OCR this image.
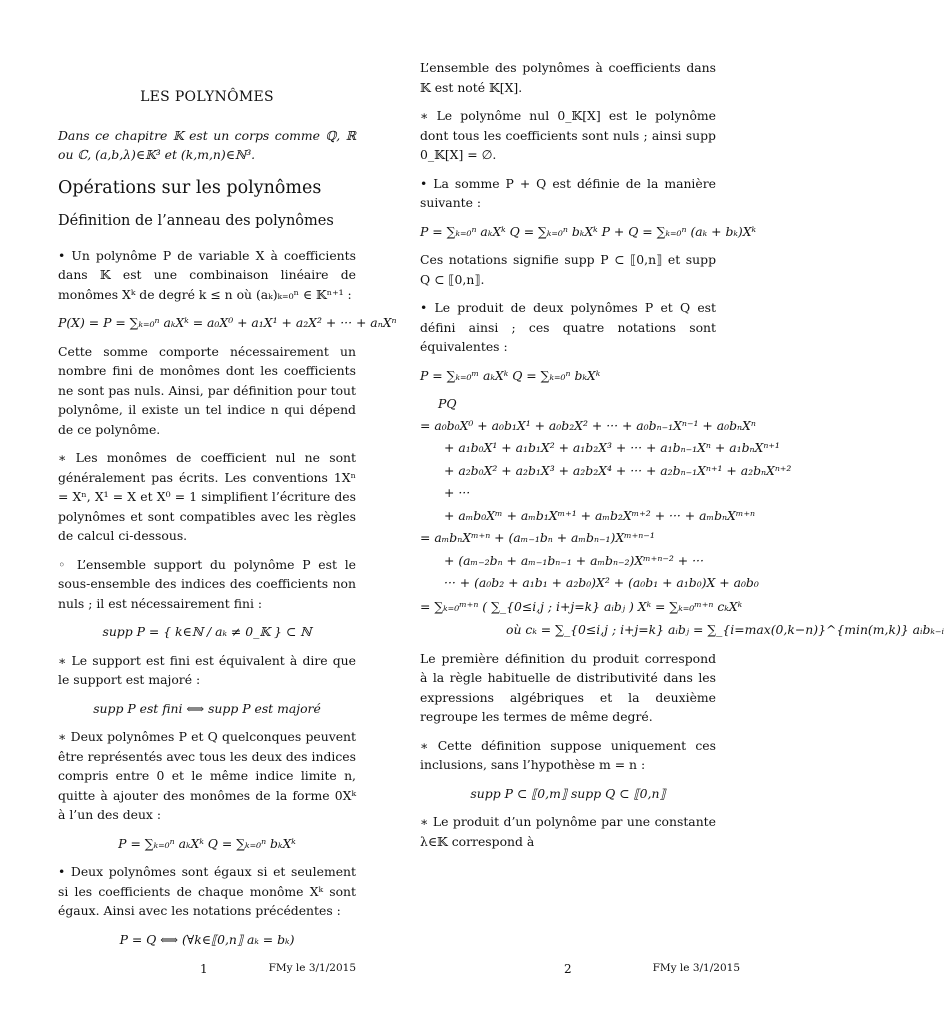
LES POLYNÔMES

Dans ce chapitre 𝕂 est un corps comme ℚ, ℝ ou ℂ, (a,b,λ)∈𝕂³ et (k,m,n)∈ℕ³.

Opérations sur les polynômes
Définition de l’anneau des polynômes

• Un polynôme P de variable X à coefficients dans 𝕂 est une combinaison linéaire de monômes Xᵏ de degré k ≤ n où (aₖ)ₖ₌₀ⁿ ∈ 𝕂ⁿ⁺¹ :

P(X) = P = ∑ₖ₌₀ⁿ aₖXᵏ = a₀X⁰ + a₁X¹ + a₂X² + ··· + aₙXⁿ

Cette somme comporte nécessairement un nombre fini de monômes dont les coefficients ne sont pas nuls. Ainsi, par définition pour tout polynôme, il existe un tel indice n qui dépend de ce polynôme.

∗ Les monômes de coefficient nul ne sont généralement pas écrits. Les conventions 1Xⁿ = Xⁿ, X¹ = X et X⁰ = 1 simplifient l’écriture des polynômes et sont compatibles avec les règles de calcul ci-dessous.

◦ L’ensemble support du polynôme P est le sous-ensemble des indices des coefficients non nuls ; il est nécessairement fini :

supp P = { k∈ℕ / aₖ ≠ 0_𝕂 } ⊂ ℕ

∗ Le support est fini est équivalent à dire que le support est majoré :

supp P est fini ⟺ supp P est majoré

∗ Deux polynômes P et Q quelconques peuvent être représentés avec tous les deux des indices compris entre 0 et le même indice limite n, quitte à ajouter des monômes de la forme 0Xᵏ à l’un des deux :

P = ∑ₖ₌₀ⁿ aₖXᵏ Q = ∑ₖ₌₀ⁿ bₖXᵏ

• Deux polynômes sont égaux si et seulement si les coefficients de chaque monôme Xᵏ sont égaux. Ainsi avec les notations précédentes :

P = Q ⟺ (∀k∈⟦0,n⟧ aₖ = bₖ)
1	FMy le 3/1/2015

L’ensemble des polynômes à coefficients dans 𝕂 est noté 𝕂[X].

∗ Le polynôme nul 0_𝕂[X] est le polynôme dont tous les coefficients sont nuls ; ainsi supp 0_𝕂[X] = ∅.

• La somme P + Q est définie de la manière suivante :

P = ∑ₖ₌₀ⁿ aₖXᵏ Q = ∑ₖ₌₀ⁿ bₖXᵏ P + Q = ∑ₖ₌₀ⁿ (aₖ + bₖ)Xᵏ

Ces notations signifie supp P ⊂ ⟦0,n⟧ et supp Q ⊂ ⟦0,n⟧.

• Le produit de deux polynômes P et Q est défini ainsi ; ces quatre notations sont équivalentes :

P = ∑ₖ₌₀ᵐ aₖXᵏ Q = ∑ₖ₌₀ⁿ bₖXᵏ
PQ
= a₀b₀X⁰ + a₀b₁X¹ + a₀b₂X² + ··· + a₀bₙ₋₁Xⁿ⁻¹ + a₀bₙXⁿ
+ a₁b₀X¹ + a₁b₁X² + a₁b₂X³ + ··· + a₁bₙ₋₁Xⁿ + a₁bₙXⁿ⁺¹
+ a₂b₀X² + a₂b₁X³ + a₂b₂X⁴ + ··· + a₂bₙ₋₁Xⁿ⁺¹ + a₂bₙXⁿ⁺²
+ ···
+ aₘb₀Xᵐ + aₘb₁Xᵐ⁺¹ + aₘb₂Xᵐ⁺² + ··· + aₘbₙXᵐ⁺ⁿ
= aₘbₙXᵐ⁺ⁿ + (aₘ₋₁bₙ + aₘbₙ₋₁)Xᵐ⁺ⁿ⁻¹
+ (aₘ₋₂bₙ + aₘ₋₁bₙ₋₁ + aₘbₙ₋₂)Xᵐ⁺ⁿ⁻² + ···
··· + (a₀b₂ + a₁b₁ + a₂b₀)X² + (a₀b₁ + a₁b₀)X + a₀b₀
= ∑ₖ₌₀ᵐ⁺ⁿ ( ∑_{0≤i,j ; i+j=k} aᵢbⱼ ) Xᵏ = ∑ₖ₌₀ᵐ⁺ⁿ cₖXᵏ
où cₖ = ∑_{0≤i,j ; i+j=k} aᵢbⱼ = ∑_{i=max(0,k−n)}^{min(m,k)} aᵢbₖ₋ᵢ

Le première définition du produit correspond à la règle habituelle de distributivité dans les expressions algébriques et la deuxième regroupe les termes de même degré.

∗ Cette définition suppose uniquement ces inclusions, sans l’hypothèse m = n :

supp P ⊂ ⟦0,m⟧ supp Q ⊂ ⟦0,n⟧

∗ Le produit d’un polynôme par une constante λ∈𝕂 correspond à

2	FMy le 3/1/2015
